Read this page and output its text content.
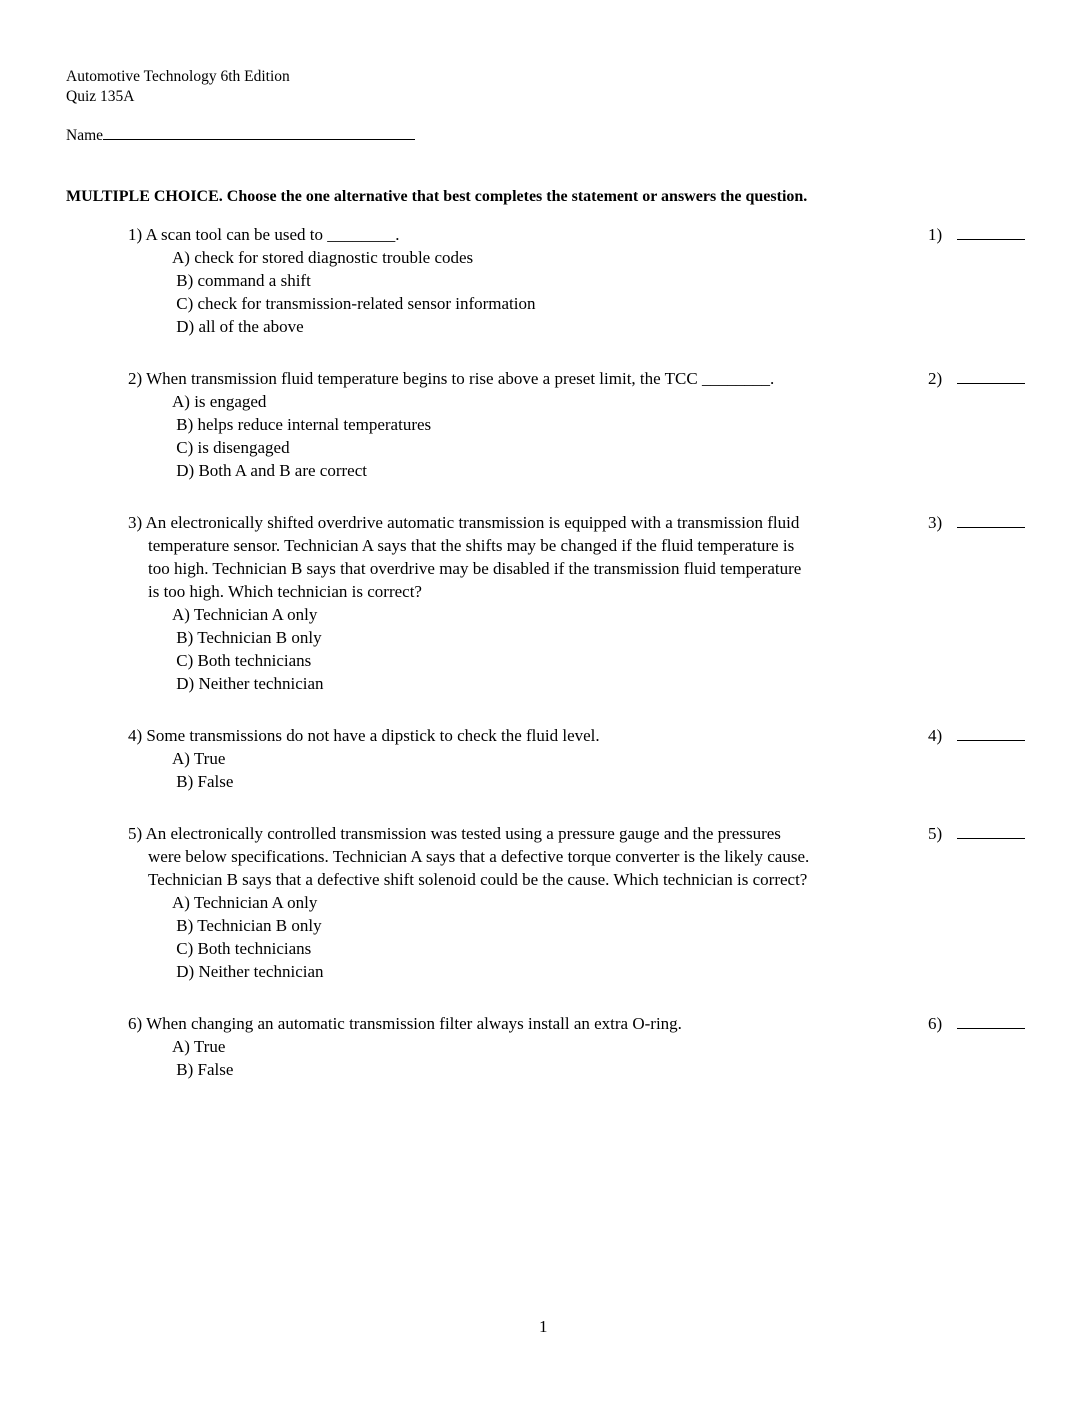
Automotive Technology 6th Edition
Quiz 135A
Name
MULTIPLE CHOICE. Choose the one alternative that best completes the statement or answers the question.
1) A scan tool can be used to ________.
A) check for stored diagnostic trouble codes
B) command a shift
C) check for transmission-related sensor information
D) all of the above
1)
2) When transmission fluid temperature begins to rise above a preset limit, the TCC ________.
A) is engaged
B) helps reduce internal temperatures
C) is disengaged
D) Both A and B are correct
2)
3) An electronically shifted overdrive automatic transmission is equipped with a transmission fluid
temperature sensor. Technician A says that the shifts may be changed if the fluid temperature is
too high. Technician B says that overdrive may be disabled if the transmission fluid temperature
is too high. Which technician is correct?
A) Technician A only
B) Technician B only
C) Both technicians
D) Neither technician
3)
4) Some transmissions do not have a dipstick to check the fluid level.
A) True
B) False
4)
5) An electronically controlled transmission was tested using a pressure gauge and the pressures
were below specifications. Technician A says that a defective torque converter is the likely cause.
Technician B says that a defective shift solenoid could be the cause. Which technician is correct?
A) Technician A only
B) Technician B only
C) Both technicians
D) Neither technician
5)
6) When changing an automatic transmission filter always install an extra O-ring.
A) True
B) False
6)
1
